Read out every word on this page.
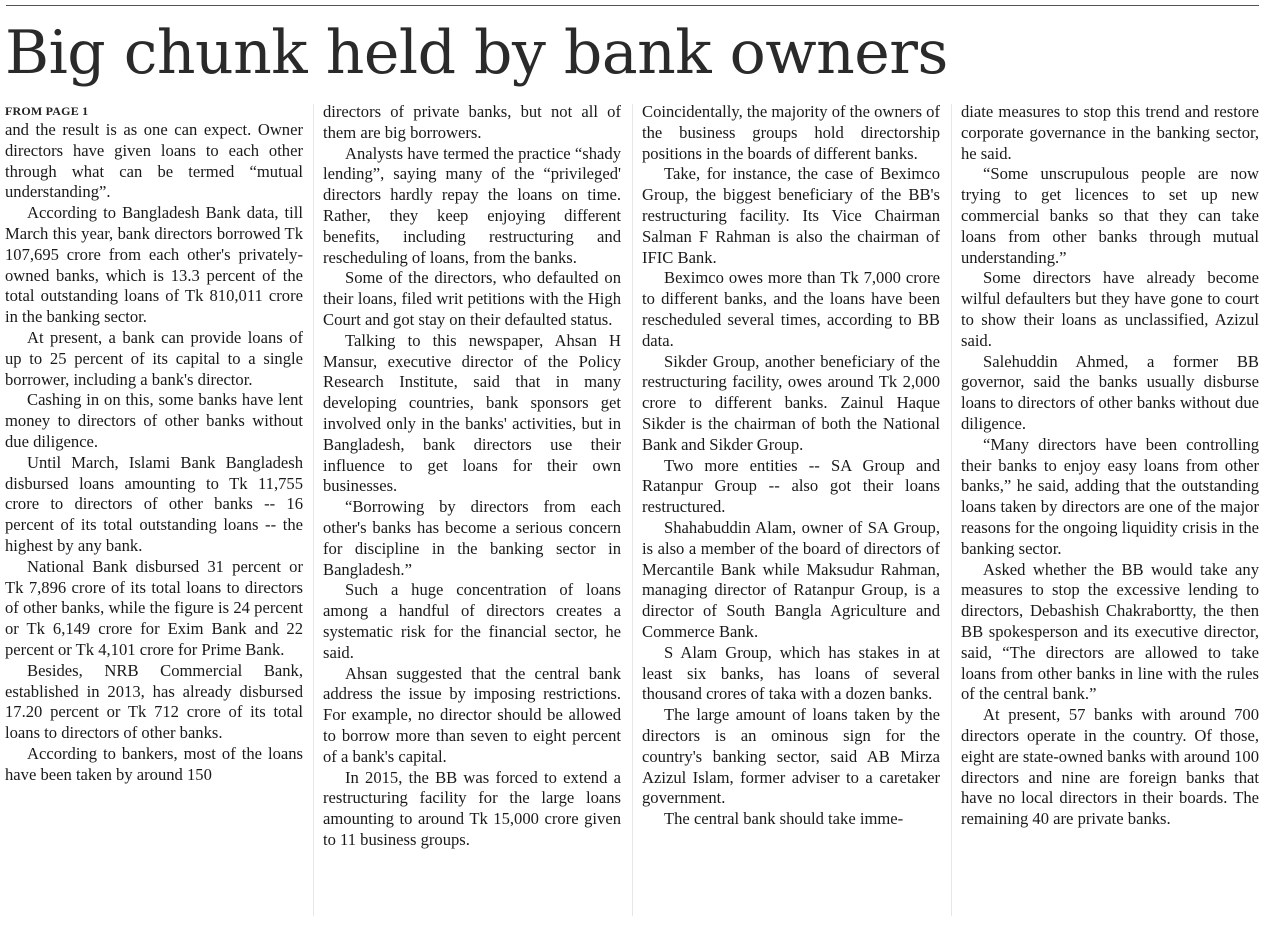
Big chunk held by bank owners
FROM PAGE 1

and the result is as one can expect. Owner directors have given loans to each other through what can be termed “mutual understanding”.

According to Bangladesh Bank data, till March this year, bank directors borrowed Tk 107,695 crore from each other's privately-owned banks, which is 13.3 percent of the total outstanding loans of Tk 810,011 crore in the banking sector.

At present, a bank can provide loans of up to 25 percent of its capital to a single borrower, including a bank's director.

Cashing in on this, some banks have lent money to directors of other banks without due diligence.

Until March, Islami Bank Bangladesh disbursed loans amounting to Tk 11,755 crore to directors of other banks -- 16 percent of its total outstanding loans -- the highest by any bank.

National Bank disbursed 31 percent or Tk 7,896 crore of its total loans to directors of other banks, while the figure is 24 percent or Tk 6,149 crore for Exim Bank and 22 percent or Tk 4,101 crore for Prime Bank.

Besides, NRB Commercial Bank, established in 2013, has already disbursed 17.20 percent or Tk 712 crore of its total loans to directors of other banks.

According to bankers, most of the loans have been taken by around 150

directors of private banks, but not all of them are big borrowers.

Analysts have termed the practice “shady lending”, saying many of the “privileged' directors hardly repay the loans on time. Rather, they keep enjoying different benefits, including restructuring and rescheduling of loans, from the banks.

Some of the directors, who defaulted on their loans, filed writ petitions with the High Court and got stay on their defaulted status.

Talking to this newspaper, Ahsan H Mansur, executive director of the Policy Research Institute, said that in many developing countries, bank sponsors get involved only in the banks' activities, but in Bangladesh, bank directors use their influence to get loans for their own businesses.

“Borrowing by directors from each other's banks has become a serious concern for discipline in the banking sector in Bangladesh.”

Such a huge concentration of loans among a handful of directors creates a systematic risk for the financial sector, he said.

Ahsan suggested that the central bank address the issue by imposing restrictions. For example, no director should be allowed to borrow more than seven to eight percent of a bank's capital.

In 2015, the BB was forced to extend a restructuring facility for the large loans amounting to around Tk 15,000 crore given to 11 business groups.

Coincidentally, the majority of the owners of the business groups hold directorship positions in the boards of different banks.

Take, for instance, the case of Beximco Group, the biggest beneficiary of the BB's restructuring facility. Its Vice Chairman Salman F Rahman is also the chairman of IFIC Bank.

Beximco owes more than Tk 7,000 crore to different banks, and the loans have been rescheduled several times, according to BB data.

Sikder Group, another beneficiary of the restructuring facility, owes around Tk 2,000 crore to different banks. Zainul Haque Sikder is the chairman of both the National Bank and Sikder Group.

Two more entities -- SA Group and Ratanpur Group -- also got their loans restructured.

Shahabuddin Alam, owner of SA Group, is also a member of the board of directors of Mercantile Bank while Maksudur Rahman, managing director of Ratanpur Group, is a director of South Bangla Agriculture and Commerce Bank.

S Alam Group, which has stakes in at least six banks, has loans of several thousand crores of taka with a dozen banks.

The large amount of loans taken by the directors is an ominous sign for the country's banking sector, said AB Mirza Azizul Islam, former adviser to a caretaker government.

The central bank should take imme-

diate measures to stop this trend and restore corporate governance in the banking sector, he said.

“Some unscrupulous people are now trying to get licences to set up new commercial banks so that they can take loans from other banks through mutual understanding.”

Some directors have already become wilful defaulters but they have gone to court to show their loans as unclassified, Azizul said.

Salehuddin Ahmed, a former BB governor, said the banks usually disburse loans to directors of other banks without due diligence.

“Many directors have been controlling their banks to enjoy easy loans from other banks,” he said, adding that the outstanding loans taken by directors are one of the major reasons for the ongoing liquidity crisis in the banking sector.

Asked whether the BB would take any measures to stop the excessive lending to directors, Debashish Chakrabortty, the then BB spokesperson and its executive director, said, “The directors are allowed to take loans from other banks in line with the rules of the central bank.”

At present, 57 banks with around 700 directors operate in the country. Of those, eight are state-owned banks with around 100 directors and nine are foreign banks that have no local directors in their boards. The remaining 40 are private banks.
